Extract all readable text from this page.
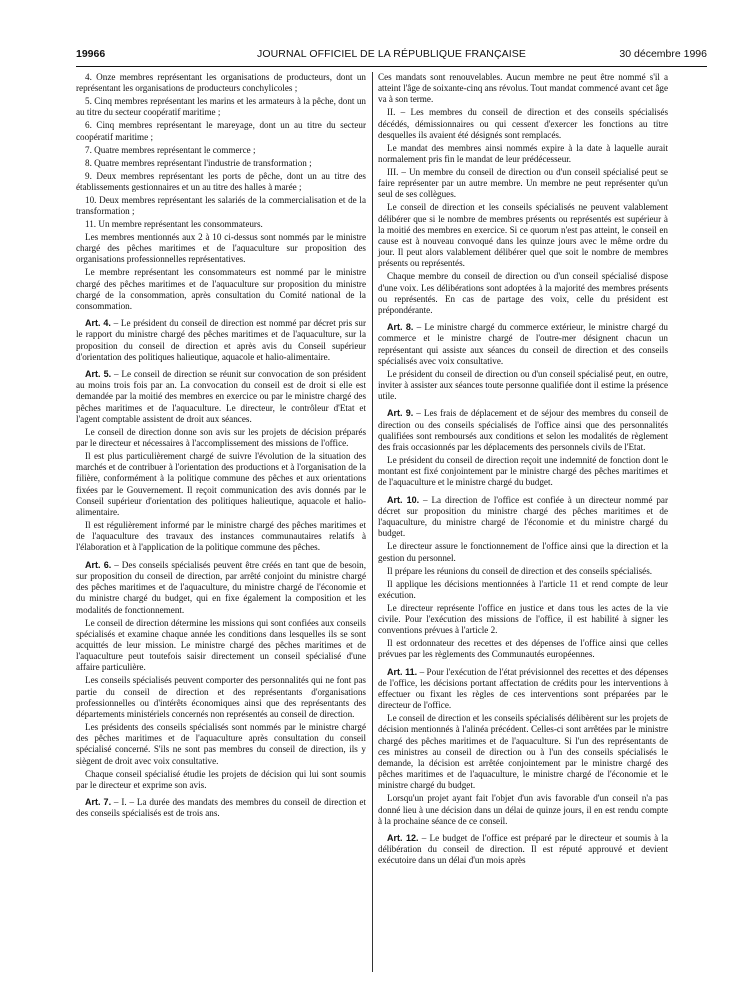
19966	JOURNAL OFFICIEL DE LA RÉPUBLIQUE FRANÇAISE	30 décembre 1996

4. Onze membres représentant les organisations de producteurs, dont un représentant les organisations de producteurs conchylicoles ;

5. Cinq membres représentant les marins et les armateurs à la pêche, dont un au titre du secteur coopératif maritime ;

6. Cinq membres représentant le mareyage, dont un au titre du secteur coopératif maritime ;

7. Quatre membres représentant le commerce ;

8. Quatre membres représentant l'industrie de transformation ;

9. Deux membres représentant les ports de pêche, dont un au titre des établissements gestionnaires et un au titre des halles à marée ;

10. Deux membres représentant les salariés de la commercialisation et de la transformation ;

11. Un membre représentant les consommateurs.

Les membres mentionnés aux 2 à 10 ci-dessus sont nommés par le ministre chargé des pêches maritimes et de l'aquaculture sur proposition des organisations professionnelles représentatives.

Le membre représentant les consommateurs est nommé par le ministre chargé des pêches maritimes et de l'aquaculture sur proposition du ministre chargé de la consommation, après consultation du Comité national de la consommation.

Art. 4. – Le président du conseil de direction est nommé par décret pris sur le rapport du ministre chargé des pêches maritimes et de l'aquaculture, sur la proposition du conseil de direction et après avis du Conseil supérieur d'orientation des politiques halieutique, aquacole et halio-alimentaire.

Art. 5. – Le conseil de direction se réunit sur convocation de son président au moins trois fois par an. La convocation du conseil est de droit si elle est demandée par la moitié des membres en exercice ou par le ministre chargé des pêches maritimes et de l'aquaculture. Le directeur, le contrôleur d'Etat et l'agent comptable assistent de droit aux séances.

Le conseil de direction donne son avis sur les projets de décision préparés par le directeur et nécessaires à l'accomplissement des missions de l'office.

Il est plus particulièrement chargé de suivre l'évolution de la situation des marchés et de contribuer à l'orientation des productions et à l'organisation de la filière, conformément à la politique commune des pêches et aux orientations fixées par le Gouvernement. Il reçoit communication des avis donnés par le Conseil supérieur d'orientation des politiques halieutique, aquacole et halio-alimentaire.

Il est régulièrement informé par le ministre chargé des pêches maritimes et de l'aquaculture des travaux des instances communautaires relatifs à l'élaboration et à l'application de la politique commune des pêches.

Art. 6. – Des conseils spécialisés peuvent être créés en tant que de besoin, sur proposition du conseil de direction, par arrêté conjoint du ministre chargé des pêches maritimes et de l'aquaculture, du ministre chargé de l'économie et du ministre chargé du budget, qui en fixe également la composition et les modalités de fonctionnement.

Le conseil de direction détermine les missions qui sont confiées aux conseils spécialisés et examine chaque année les conditions dans lesquelles ils se sont acquittés de leur mission. Le ministre chargé des pêches maritimes et de l'aquaculture peut toutefois saisir directement un conseil spécialisé d'une affaire particulière.

Les conseils spécialisés peuvent comporter des personnalités qui ne font pas partie du conseil de direction et des représentants d'organisations professionnelles ou d'intérêts économiques ainsi que des représentants des départements ministériels concernés non représentés au conseil de direction.

Les présidents des conseils spécialisés sont nommés par le ministre chargé des pêches maritimes et de l'aquaculture après consultation du conseil spécialisé concerné. S'ils ne sont pas membres du conseil de direction, ils y siègent de droit avec voix consultative.

Chaque conseil spécialisé étudie les projets de décision qui lui sont soumis par le directeur et exprime son avis.

Art. 7. – I. – La durée des mandats des membres du conseil de direction et des conseils spécialisés est de trois ans.

Ces mandats sont renouvelables. Aucun membre ne peut être nommé s'il a atteint l'âge de soixante-cinq ans révolus. Tout mandat commencé avant cet âge va à son terme.

II. – Les membres du conseil de direction et des conseils spécialisés décédés, démissionnaires ou qui cessent d'exercer les fonctions au titre desquelles ils avaient été désignés sont remplacés.

Le mandat des membres ainsi nommés expire à la date à laquelle aurait normalement pris fin le mandat de leur prédécesseur.

III. – Un membre du conseil de direction ou d'un conseil spécialisé peut se faire représenter par un autre membre. Un membre ne peut représenter qu'un seul de ses collègues.

Le conseil de direction et les conseils spécialisés ne peuvent valablement délibérer que si le nombre de membres présents ou représentés est supérieur à la moitié des membres en exercice. Si ce quorum n'est pas atteint, le conseil en cause est à nouveau convoqué dans les quinze jours avec le même ordre du jour. Il peut alors valablement délibérer quel que soit le nombre de membres présents ou représentés.

Chaque membre du conseil de direction ou d'un conseil spécialisé dispose d'une voix. Les délibérations sont adoptées à la majorité des membres présents ou représentés. En cas de partage des voix, celle du président est prépondérante.

Art. 8. – Le ministre chargé du commerce extérieur, le ministre chargé du commerce et le ministre chargé de l'outre-mer désignent chacun un représentant qui assiste aux séances du conseil de direction et des conseils spécialisés avec voix consultative.

Le président du conseil de direction ou d'un conseil spécialisé peut, en outre, inviter à assister aux séances toute personne qualifiée dont il estime la présence utile.

Art. 9. – Les frais de déplacement et de séjour des membres du conseil de direction ou des conseils spécialisés de l'office ainsi que des personnalités qualifiées sont remboursés aux conditions et selon les modalités de règlement des frais occasionnés par les déplacements des personnels civils de l'Etat.

Le président du conseil de direction reçoit une indemnité de fonction dont le montant est fixé conjointement par le ministre chargé des pêches maritimes et de l'aquaculture et le ministre chargé du budget.

Art. 10. – La direction de l'office est confiée à un directeur nommé par décret sur proposition du ministre chargé des pêches maritimes et de l'aquaculture, du ministre chargé de l'économie et du ministre chargé du budget.

Le directeur assure le fonctionnement de l'office ainsi que la direction et la gestion du personnel.

Il prépare les réunions du conseil de direction et des conseils spécialisés.

Il applique les décisions mentionnées à l'article 11 et rend compte de leur exécution.

Le directeur représente l'office en justice et dans tous les actes de la vie civile. Pour l'exécution des missions de l'office, il est habilité à signer les conventions prévues à l'article 2.

Il est ordonnateur des recettes et des dépenses de l'office ainsi que celles prévues par les règlements des Communautés européennes.

Art. 11. – Pour l'exécution de l'état prévisionnel des recettes et des dépenses de l'office, les décisions portant affectation de crédits pour les interventions à effectuer ou fixant les règles de ces interventions sont préparées par le directeur de l'office.

Le conseil de direction et les conseils spécialisés délibèrent sur les projets de décision mentionnés à l'alinéa précédent. Celles-ci sont arrêtées par le ministre chargé des pêches maritimes et de l'aquaculture. Si l'un des représentants de ces ministres au conseil de direction ou à l'un des conseils spécialisés le demande, la décision est arrêtée conjointement par le ministre chargé des pêches maritimes et de l'aquaculture, le ministre chargé de l'économie et le ministre chargé du budget.

Lorsqu'un projet ayant fait l'objet d'un avis favorable d'un conseil n'a pas donné lieu à une décision dans un délai de quinze jours, il en est rendu compte à la prochaine séance de ce conseil.

Art. 12. – Le budget de l'office est préparé par le directeur et soumis à la délibération du conseil de direction. Il est réputé approuvé et devient exécutoire dans un délai d'un mois après
